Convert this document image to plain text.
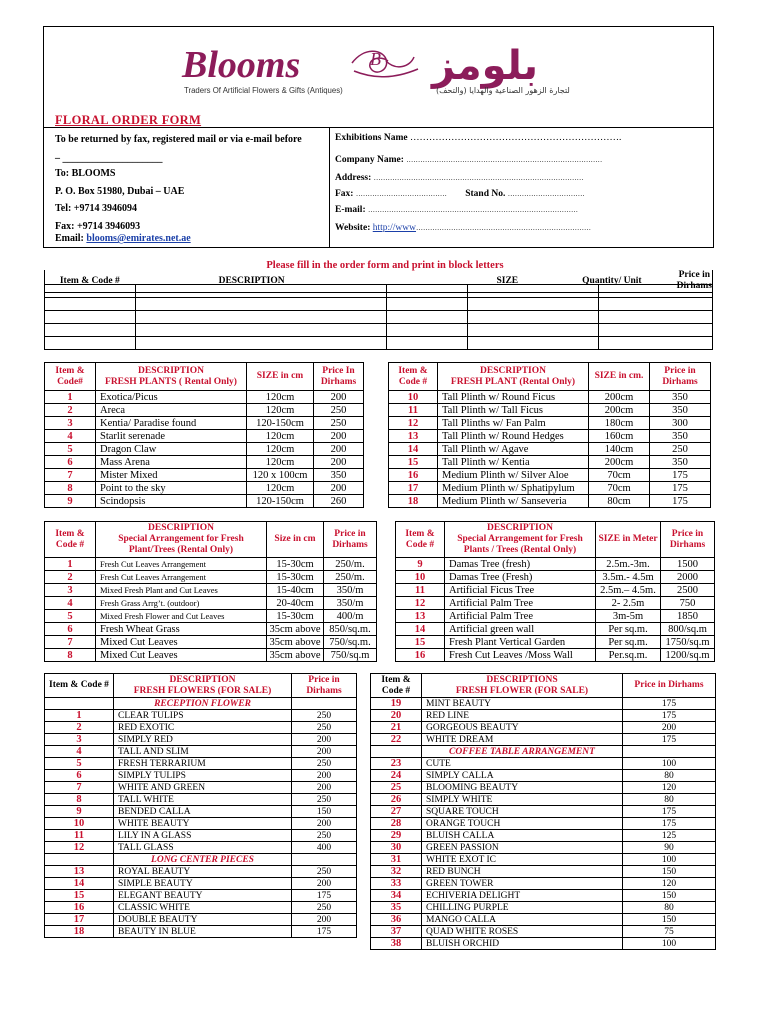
Blooms	B بلومز
Traders Of Artificial Flowers & Gifts (Antiques)	لتجارة الزهور الصناعية والهدايا (والتحف)
FLORAL ORDER FORM
To be returned by fax, registered mail or via e-mail before
– ____________________
To: BLOOMS
P. O. Box 51980, Dubai – UAE
Tel: +9714 3946094
Fax: +9714 3946093
Email: blooms@emirates.net.ae
Exhibitions Name ………………………………………………………….
Company Name: …………………………………………………………………………
Address: ………………………………………………………………………………
Fax: ………………………………… Stand No. ……………………………
E-mail: ………………………………………………………………………………
Website: http://www…………………………………………………………………
Please fill in the order form and print in block letters
Item & Code #	DESCRIPTION	SIZE	Quantity/ Unit	Price in Dirhams

Item & Code#	DESCRIPTION
FRESH PLANTS ( Rental Only)	SIZE in cm	Price In Dirhams
1	Exotica/Picus	120cm	200
2	Areca	120cm	250
3	Kentia/ Paradise found	120-150cm	250
4	Starlit serenade	120cm	200
5	Dragon Claw	120cm	200
6	Mass Arena	120cm	200
7	Mister Mixed	120 x 100cm	350
8	Point to the sky	120cm	200
9	Scindopsis	120-150cm	260
Item & Code #	DESCRIPTION
FRESH PLANT (Rental Only)	SIZE in cm.	Price in Dirhams
10	Tall Plinth w/ Round Ficus	200cm	350
11	Tall Plinth w/ Tall Ficus	200cm	350
12	Tall Plinths w/ Fan Palm	180cm	300
13	Tall Plinth w/ Round Hedges	160cm	350
14	Tall Plinth w/ Agave	140cm	250
15	Tall Plinth w/ Kentia	200cm	350
16	Medium Plinth w/ Silver Aloe	70cm	175
17	Medium Plinth w/ Sphatipylum	70cm	175
18	Medium Plinth w/ Sanseveria	80cm	175
Item & Code #	DESCRIPTION
Special Arrangement for Fresh Plant/Trees (Rental Only)	Size in cm	Price in Dirhams
1	Fresh Cut Leaves Arrangement	15-30cm	250/m.
2	Fresh Cut Leaves Arrangement	15-30cm	250/m.
3	Mixed Fresh Plant and Cut Leaves	15-40cm	350/m
4	Fresh Grass Arrg’t. (outdoor)	20-40cm	350/m
5	Mixed Fresh Flower and Cut Leaves	15-30cm	400/m
6	Fresh Wheat Grass	35cm above	850/sq.m.
7	Mixed Cut Leaves	35cm above	750/sq.m.
8	Mixed Cut Leaves	35cm above	750/sq.m
Item & Code #	DESCRIPTION
Special Arrangement for Fresh Plants / Trees (Rental Only)	SIZE in Meter	Price in Dirhams
9	Damas Tree (fresh)	2.5m.-3m.	1500
10	Damas Tree (Fresh)	3.5m.- 4.5m	2000
11	Artificial Ficus Tree	2.5m.– 4.5m.	2500
12	Artificial Palm Tree	2- 2.5m	750
13	Artificial Palm Tree	3m-5m	1850
14	Artificial green wall	Per sq.m.	800/sq.m
15	Fresh Plant Vertical Garden	Per sq.m.	1750/sq.m
16	Fresh Cut Leaves /Moss Wall	Per.sq.m.	1200/sq.m
Item & Code #	DESCRIPTION
FRESH FLOWERS (FOR SALE)	Price in Dirhams
	RECEPTION FLOWER	
1	CLEAR TULIPS	250
2	RED EXOTIC	250
3	SIMPLY RED	200
4	TALL AND SLIM	200
5	FRESH TERRARIUM	250
6	SIMPLY TULIPS	200
7	WHITE AND GREEN	200
8	TALL WHITE	250
9	BENDED CALLA	150
10	WHITE BEAUTY	200
11	LILY IN A GLASS	250
12	TALL GLASS	400
	LONG CENTER PIECES	
13	ROYAL BEAUTY	250
14	SIMPLE BEAUTY	200
15	ELEGANT BEAUTY	175
16	CLASSIC WHITE	250
17	DOUBLE BEAUTY	200
18	BEAUTY IN BLUE	175
Item & Code #	DESCRIPTIONS
FRESH FLOWER (FOR SALE)	Price in Dirhams
19	MINT BEAUTY	175
20	RED LINE	175
21	GORGEOUS BEAUTY	200
22	WHITE DREAM	175
	COFFEE TABLE ARRANGEMENT	
23	CUTE	100
24	SIMPLY CALLA	80
25	BLOOMING BEAUTY	120
26	SIMPLY WHITE	80
27	SQUARE TOUCH	175
28	ORANGE TOUCH	175
29	BLUISH CALLA	125
30	GREEN PASSION	90
31	WHITE EXOT IC	100
32	RED BUNCH	150
33	GREEN TOWER	120
34	ECHIVERIA DELIGHT	150
35	CHILLING PURPLE	80
36	MANGO CALLA	150
37	QUAD WHITE ROSES	75
38	BLUISH ORCHID	100
